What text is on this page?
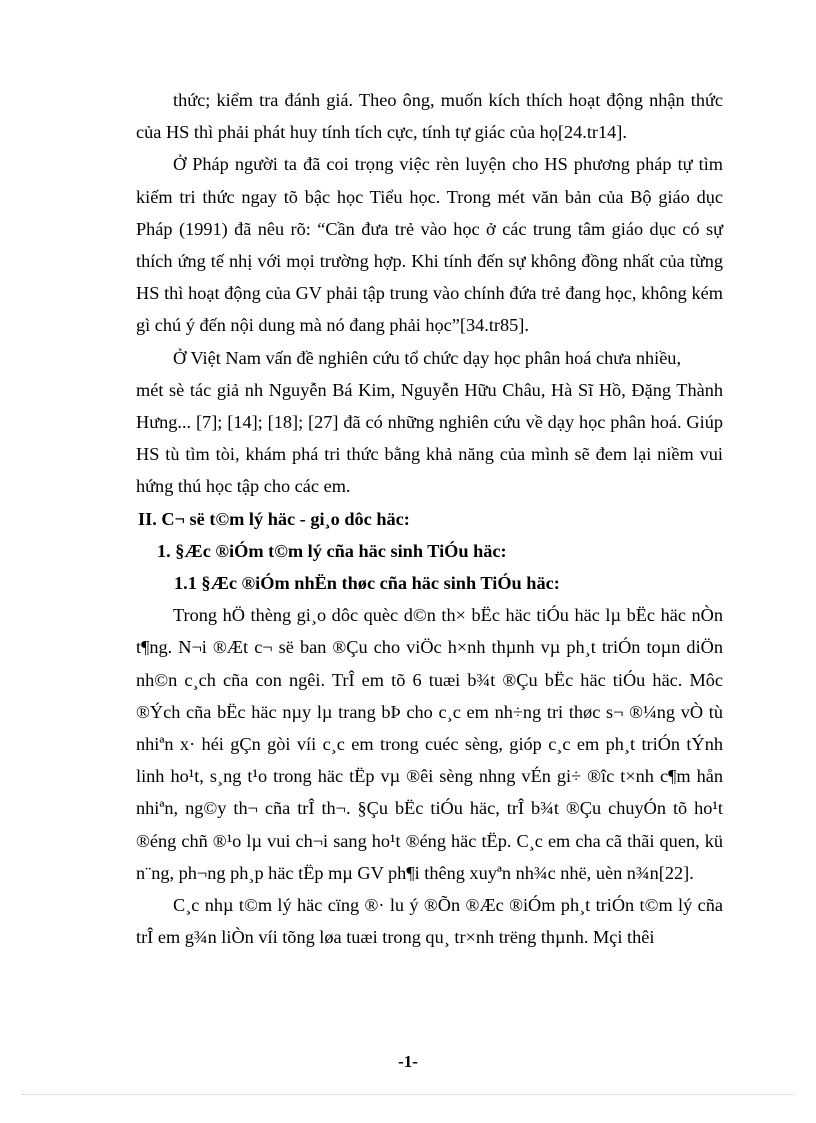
thức; kiểm tra đánh giá. Theo ông, muốn kích thích hoạt động nhận thức của HS thì phải phát huy tính tích cực, tính tự giác của họ[24.tr14].

Ở Pháp người ta đã coi trọng việc rèn luyện cho HS phương pháp tự tìm kiếm tri thức ngay tõ bậc học Tiểu học. Trong mét văn bản của Bộ giáo dục Pháp (1991) đã nêu rõ: “Cần đưa trẻ vào học ở các trung tâm giáo dục có sự thích ứng tế nhị với mọi trường hợp. Khi tính đến sự không đồng nhất của từng HS thì hoạt động của GV phải tập trung vào chính đứa trẻ đang học, không kém gì chú ý đến nội dung mà nó đang phải học”[34.tr85].

Ở Việt Nam vấn đề nghiên cứu tổ chức dạy học phân hoá chưa nhiều,

mét sè tác giả nh Nguyễn Bá Kim, Nguyễn Hữu Châu, Hà Sĩ Hồ, Đặng Thành Hưng... [7]; [14]; [18]; [27] đã có những nghiên cứu về dạy học phân hoá. Giúp HS tù tìm tòi, khám phá tri thức bằng khả năng của mình sẽ đem lại niềm vui hứng thú học tập cho các em.

II. C¬ së t©m lý häc - gi¸o dôc häc:

1. §Æc ®iÓm t©m lý cña häc sinh TiÓu häc:

1.1 §Æc ®iÓm nhËn thøc cña häc sinh TiÓu häc:

Trong hÖ thèng gi¸o dôc quèc d©n th× bËc häc tiÓu häc lµ bËc häc nÒn t¶ng. N¬i ®Æt c¬ së ban ®Çu cho viÖc h×nh thµnh vµ ph¸t triÓn toµn diÖn nh©n c¸ch cña con ngêi. TrÎ em tõ 6 tuæi b¾t ®Çu bËc häc tiÓu häc. Môc ®Ých cña bËc häc nµy lµ trang bÞ cho c¸c em nh÷ng tri thøc s¬ ®¼ng vÒ tù nhiªn x· héi gÇn gòi víi c¸c em trong cuéc sèng, gióp c¸c em ph¸t triÓn tÝnh linh ho¹t, s¸ng t¹o trong häc tËp vµ ®êi sèng nhng vÉn gi÷ ®îc t×nh c¶m hån nhiªn, ng©y th¬ cña trÎ th¬. §Çu bËc tiÓu häc, trÎ b¾t ®Çu chuyÓn tõ ho¹t ®éng chñ ®¹o lµ vui ch¬i sang ho¹t ®éng häc tËp. C¸c em cha cã thãi quen, kü n¨ng, ph¬ng ph¸p häc tËp mµ GV ph¶i thêng xuyªn nh¾c nhë, uèn n¾n[22].

C¸c nhµ t©m lý häc cïng ®· lu ý ®Õn ®Æc ®iÓm ph¸t triÓn t©m lý cña trÎ em g¾n liÒn víi tõng løa tuæi trong qu¸ tr×nh trëng thµnh. Mçi thêi

-1-
